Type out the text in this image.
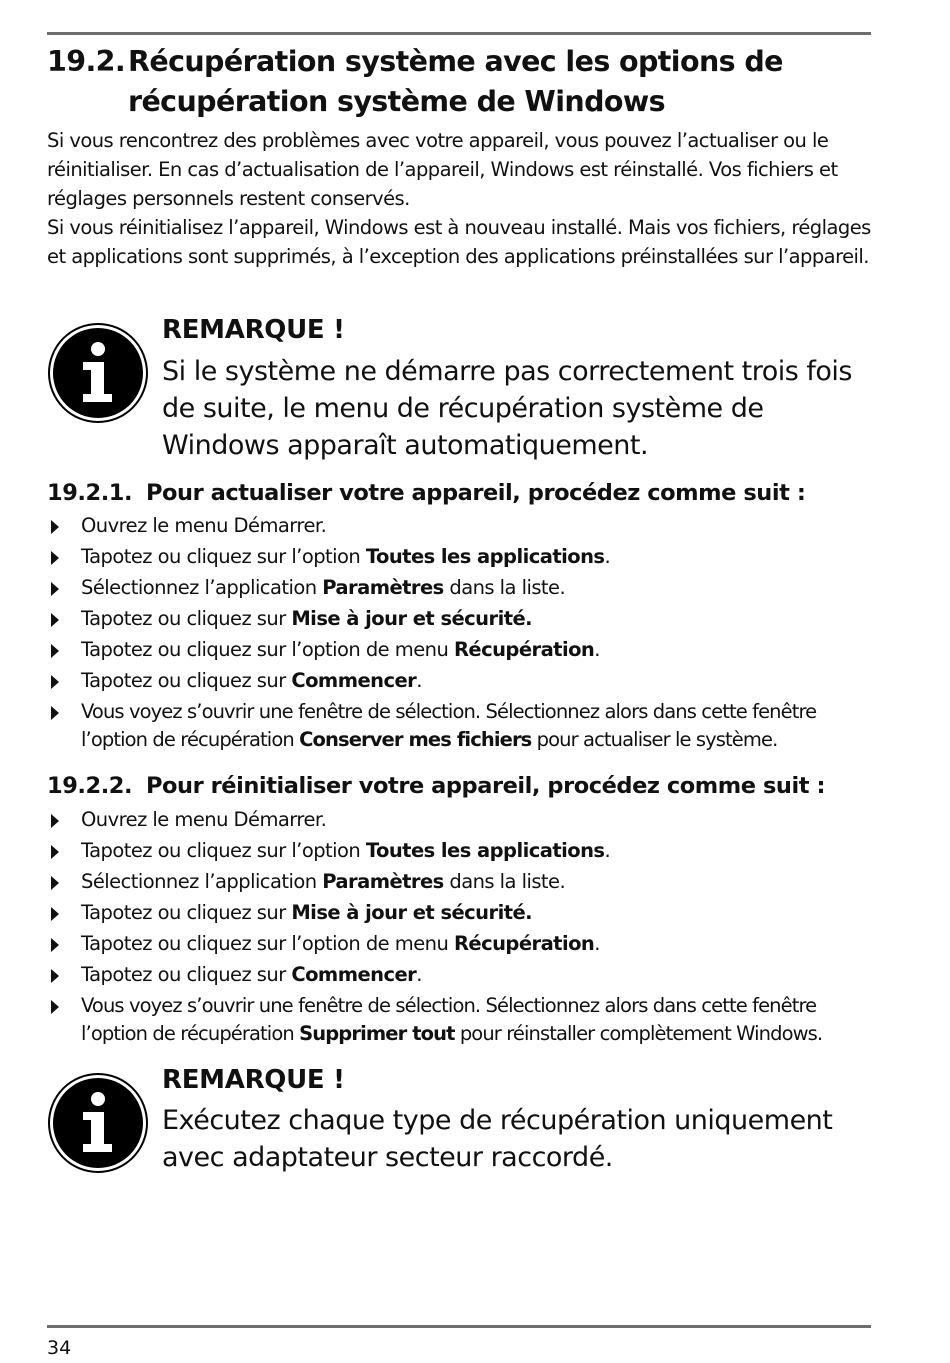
19.2. Récupération système avec les options de
récupération système de Windows

Si vous rencontrez des problèmes avec votre appareil, vous pouvez l’actualiser ou le réinitialiser. En cas d’actualisation de l’appareil, Windows est réinstallé. Vos fichiers et réglages personnels restent conservés.

Si vous réinitialisez l’appareil, Windows est à nouveau installé. Mais vos fichiers, réglages et applications sont supprimés, à l’exception des applications préinstallées sur l’appareil.

REMARQUE !

Si le système ne démarre pas correctement trois fois de suite, le menu de récupération système de Windows apparaît automatiquement.

19.2.1. Pour actualiser votre appareil, procédez comme suit :
Ouvrez le menu Démarrer.
Tapotez ou cliquez sur l’option Toutes les applications.
Sélectionnez l’application Paramètres dans la liste.
Tapotez ou cliquez sur Mise à jour et sécurité.
Tapotez ou cliquez sur l’option de menu Récupération.
Tapotez ou cliquez sur Commencer.
Vous voyez s’ouvrir une fenêtre de sélection. Sélectionnez alors dans cette fenêtre l’option de récupération Conserver mes fichiers pour actualiser le système.
19.2.2. Pour réinitialiser votre appareil, procédez comme suit :
Ouvrez le menu Démarrer.
Tapotez ou cliquez sur l’option Toutes les applications.
Sélectionnez l’application Paramètres dans la liste.
Tapotez ou cliquez sur Mise à jour et sécurité.
Tapotez ou cliquez sur l’option de menu Récupération.
Tapotez ou cliquez sur Commencer.
Vous voyez s’ouvrir une fenêtre de sélection. Sélectionnez alors dans cette fenêtre l’option de récupération Supprimer tout pour réinstaller complètement Windows.
REMARQUE !

Exécutez chaque type de récupération uniquement avec adaptateur secteur raccordé.

34
